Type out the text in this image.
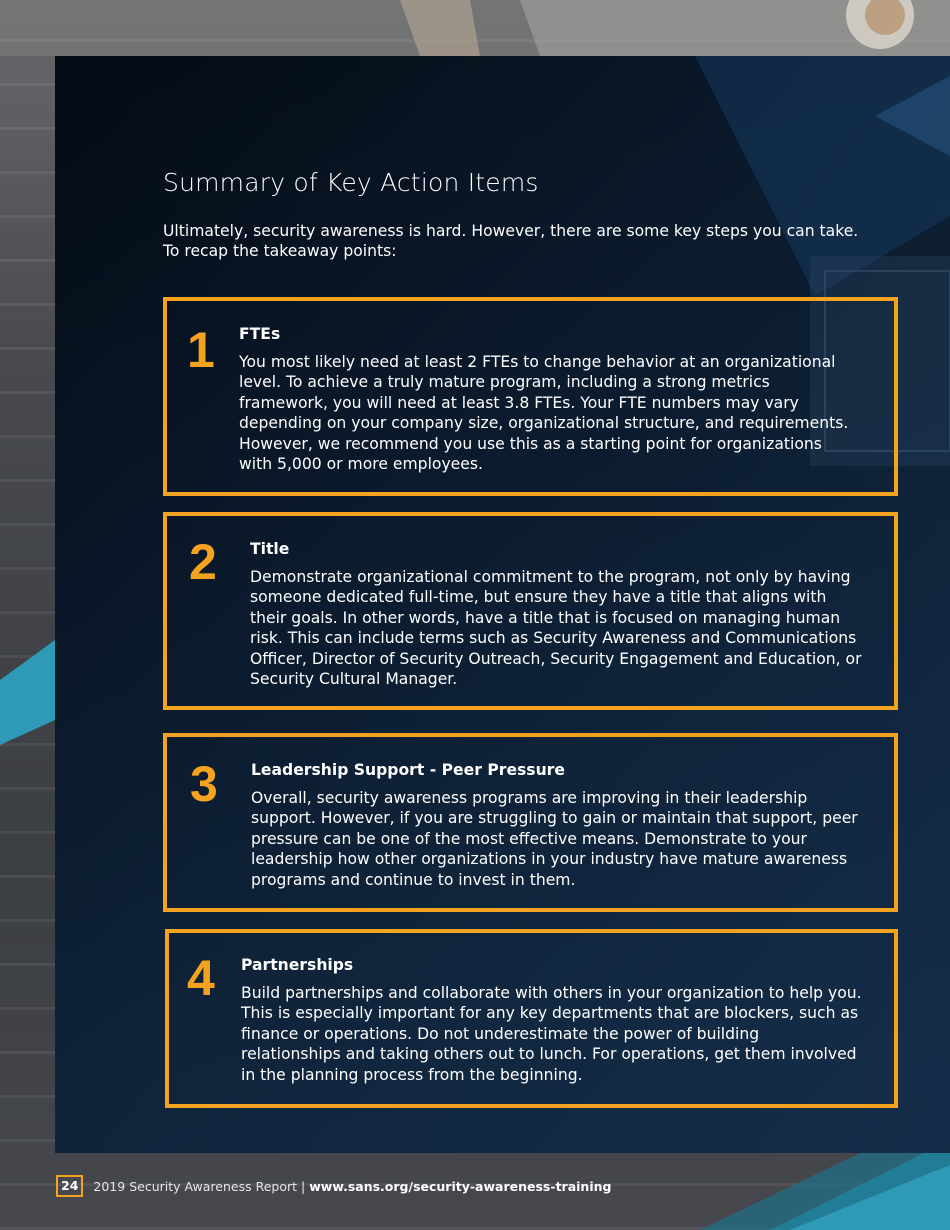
Summary of Key Action Items

Ultimately, security awareness is hard. However, there are some key steps you can take. To recap the takeaway points:

1 FTEs

You most likely need at least 2 FTEs to change behavior at an organizational level. To achieve a truly mature program, including a strong metrics framework, you will need at least 3.8 FTEs. Your FTE numbers may vary depending on your company size, organizational structure, and requirements. However, we recommend you use this as a starting point for organizations with 5,000 or more employees.

2 Title

Demonstrate organizational commitment to the program, not only by having someone dedicated full-time, but ensure they have a title that aligns with their goals. In other words, have a title that is focused on managing human risk. This can include terms such as Security Awareness and Communications Officer, Director of Security Outreach, Security Engagement and Education, or Security Cultural Manager.

3 Leadership Support - Peer Pressure

Overall, security awareness programs are improving in their leadership support. However, if you are struggling to gain or maintain that support, peer pressure can be one of the most effective means. Demonstrate to your leadership how other organizations in your industry have mature awareness programs and continue to invest in them.

4 Partnerships

Build partnerships and collaborate with others in your organization to help you. This is especially important for any key departments that are blockers, such as finance or operations. Do not underestimate the power of building relationships and taking others out to lunch. For operations, get them involved in the planning process from the beginning.

24	2019 Security Awareness Report | www.sans.org/security-awareness-training
